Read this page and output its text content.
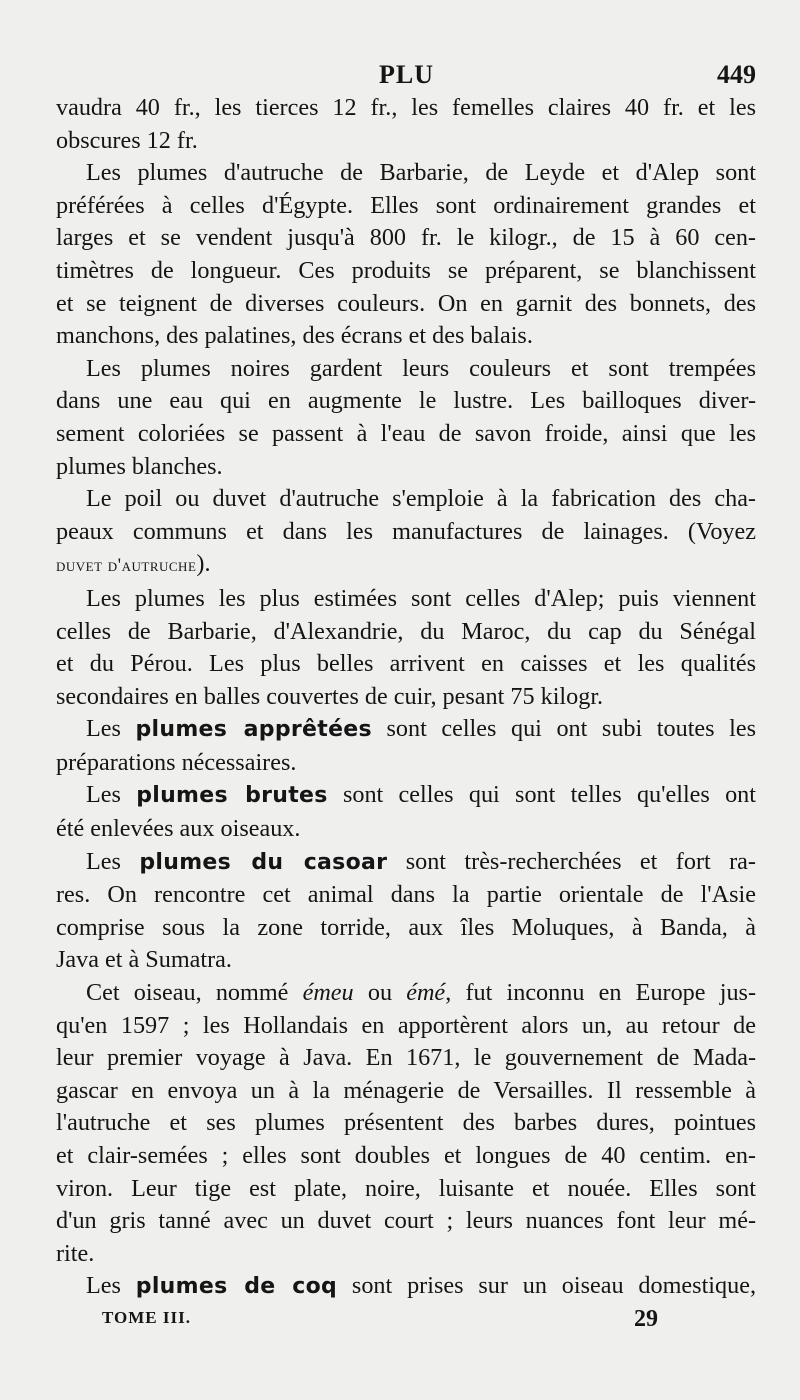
PLU	449

vaudra 40 fr., les tierces 12 fr., les femelles claires 40 fr. et les

obscures 12 fr.

Les plumes d'autruche de Barbarie, de Leyde et d'Alep sont

préférées à celles d'Égypte. Elles sont ordinairement grandes et

larges et se vendent jusqu'à 800 fr. le kilogr., de 15 à 60 cen-

timètres de longueur. Ces produits se préparent, se blanchissent

et se teignent de diverses couleurs. On en garnit des bonnets, des

manchons, des palatines, des écrans et des balais.

Les plumes noires gardent leurs couleurs et sont trempées

dans une eau qui en augmente le lustre. Les bailloques diver-

sement coloriées se passent à l'eau de savon froide, ainsi que les

plumes blanches.

Le poil ou duvet d'autruche s'emploie à la fabrication des cha-

peaux communs et dans les manufactures de lainages. (Voyez

duvet d'autruche).

Les plumes les plus estimées sont celles d'Alep; puis viennent

celles de Barbarie, d'Alexandrie, du Maroc, du cap du Sénégal

et du Pérou. Les plus belles arrivent en caisses et les qualités

secondaires en balles couvertes de cuir, pesant 75 kilogr.

Les plumes apprêtées sont celles qui ont subi toutes les

préparations nécessaires.

Les plumes brutes sont celles qui sont telles qu'elles ont

été enlevées aux oiseaux.

Les plumes du casoar sont très-recherchées et fort ra-

res. On rencontre cet animal dans la partie orientale de l'Asie

comprise sous la zone torride, aux îles Moluques, à Banda, à

Java et à Sumatra.

Cet oiseau, nommé émeu ou émé, fut inconnu en Europe jus-

qu'en 1597 ; les Hollandais en apportèrent alors un, au retour de

leur premier voyage à Java. En 1671, le gouvernement de Mada-

gascar en envoya un à la ménagerie de Versailles. Il ressemble à

l'autruche et ses plumes présentent des barbes dures, pointues

et clair-semées ; elles sont doubles et longues de 40 centim. en-

viron. Leur tige est plate, noire, luisante et nouée. Elles sont

d'un gris tanné avec un duvet court ; leurs nuances font leur mé-

rite.

Les plumes de coq sont prises sur un oiseau domestique,

TOME III.	29
